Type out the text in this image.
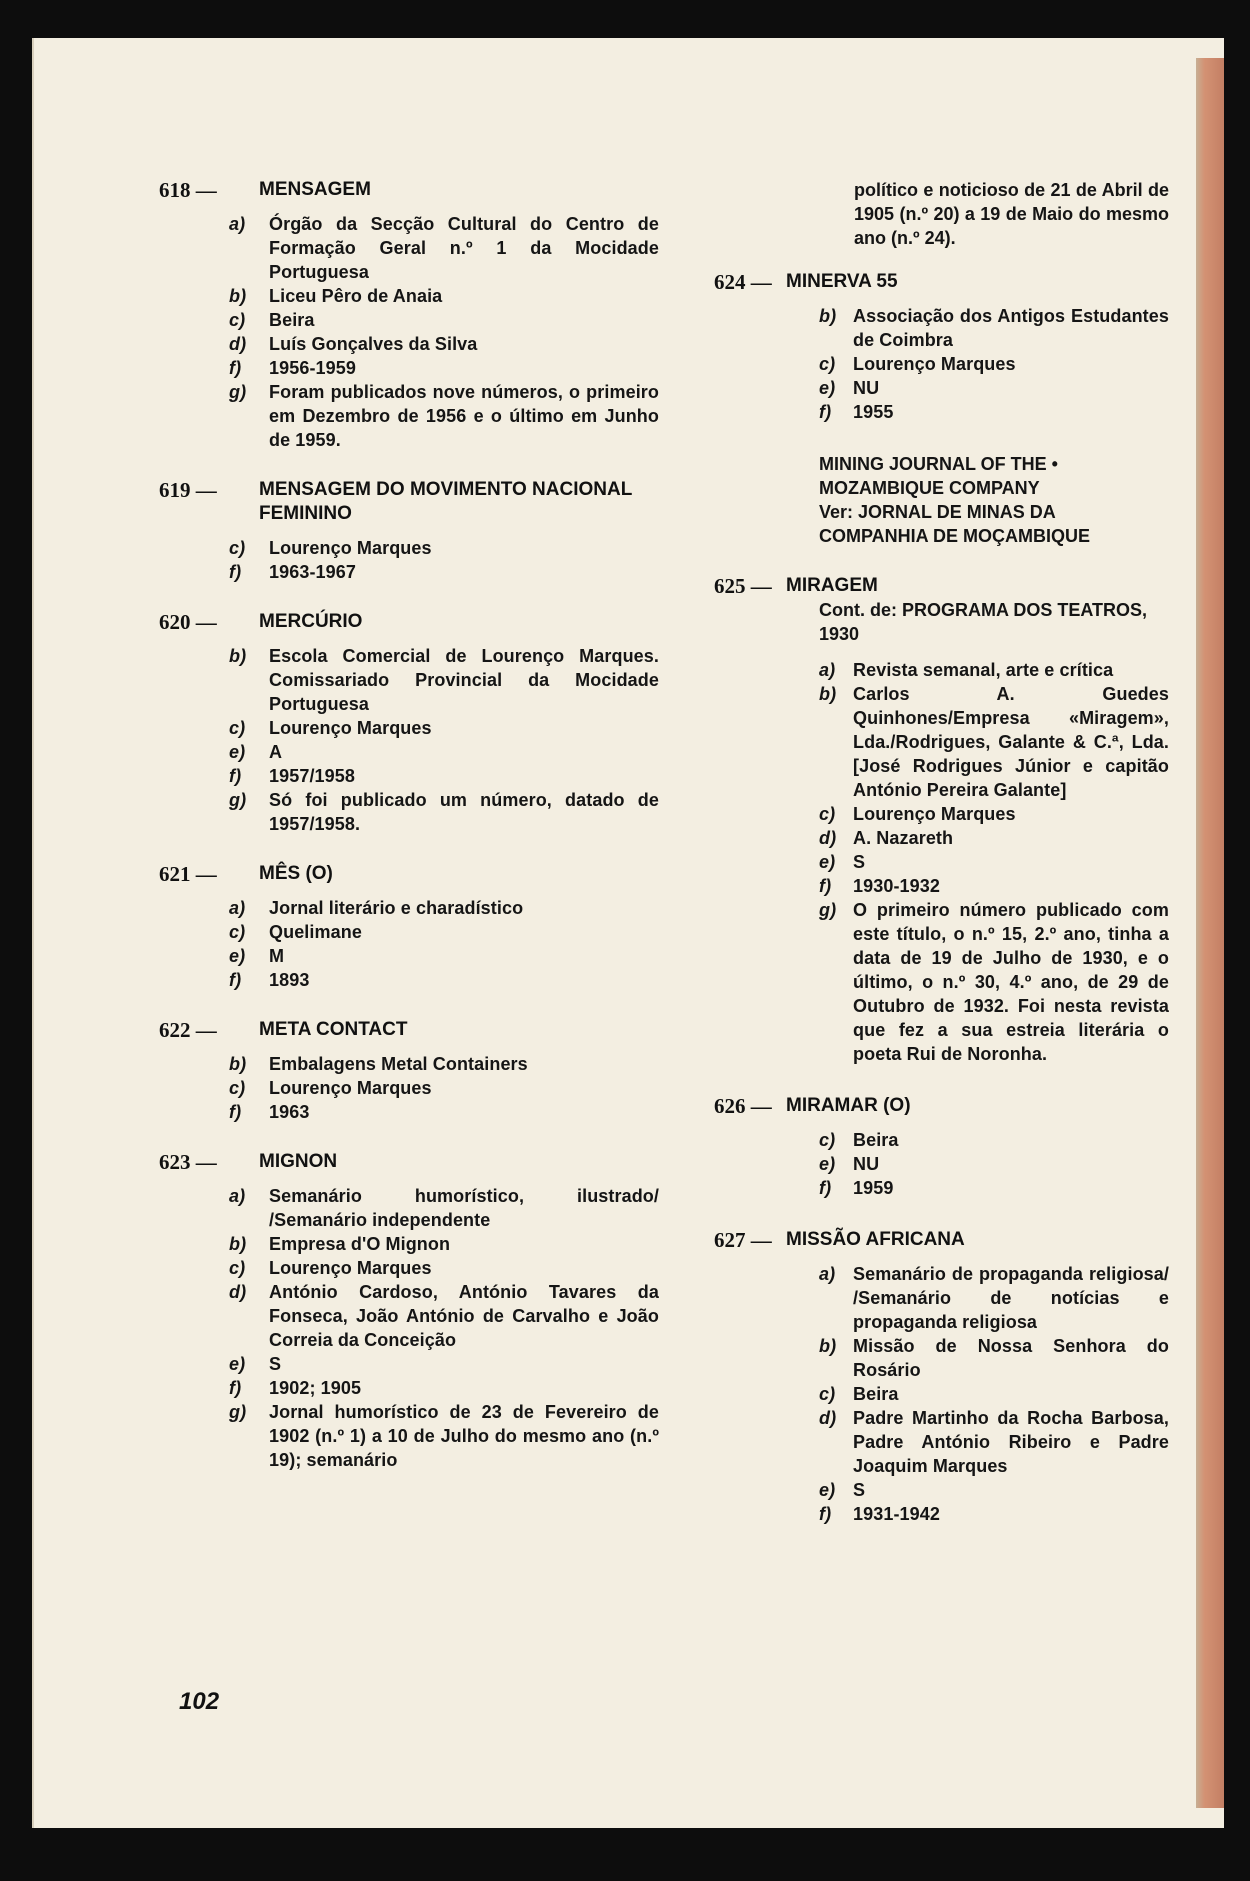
618 —	MENSAGEM
a)	Órgão da Secção Cultural do Centro de Formação Geral n.º 1 da Mocidade Portuguesa
b)	Liceu Pêro de Anaia
c)	Beira
d)	Luís Gonçalves da Silva
f)	1956-1959
g)	Foram publicados nove números, o primeiro em Dezembro de 1956 e o último em Junho de 1959.
619 —	MENSAGEM DO MOVIMENTO NACIONAL FEMININO
c)	Lourenço Marques
f)	1963-1967
620 —	MERCÚRIO
b)	Escola Comercial de Lourenço Marques. Comissariado Provincial da Mocidade Portuguesa
c)	Lourenço Marques
e)	A
f)	1957/1958
g)	Só foi publicado um número, datado de 1957/1958.
621 —	MÊS (O)
a)	Jornal literário e charadístico
c)	Quelimane
e)	M
f)	1893
622 —	META CONTACT
b)	Embalagens Metal Containers
c)	Lourenço Marques
f)	1963
623 —	MIGNON
a)	Semanário humorístico, ilustrado/ /Semanário independente
b)	Empresa d'O Mignon
c)	Lourenço Marques
d)	António Cardoso, António Tavares da Fonseca, João António de Carvalho e João Correia da Conceição
e)	S
f)	1902; 1905
g)	Jornal humorístico de 23 de Fevereiro de 1902 (n.º 1) a 10 de Julho do mesmo ano (n.º 19); semanário
político e noticioso de 21 de Abril de 1905 (n.º 20) a 19 de Maio do mesmo ano (n.º 24).
624 — MINERVA 55
b) Associação dos Antigos Estudantes de Coimbra
c) Lourenço Marques
e) NU
f)	1955
MINING JOURNAL OF THE • MOZAMBIQUE COMPANY
Ver: JORNAL DE MINAS DA COMPANHIA DE MOÇAMBIQUE
625 — MIRAGEM
Cont. de: PROGRAMA DOS TEATROS, 1930
a) Revista semanal, arte e crítica
b) Carlos A. Guedes Quinhones/Empresa «Miragem», Lda./Rodrigues, Galante & C.ª, Lda. [José Rodrigues Júnior e capitão António Pereira Galante]
c) Lourenço Marques
d) A. Nazareth
e) S
f)	1930-1932
g) O primeiro número publicado com este título, o n.º 15, 2.º ano, tinha a data de 19 de Julho de 1930, e o último, o n.º 30, 4.º ano, de 29 de Outubro de 1932. Foi nesta revista que fez a sua estreia literária o poeta Rui de Noronha.
626 — MIRAMAR (O)
c) Beira
e) NU
f)	1959
627 — MISSÃO AFRICANA
a) Semanário de propaganda religiosa/ /Semanário de notícias e propaganda religiosa
b) Missão de Nossa Senhora do Rosário
c) Beira
d) Padre Martinho da Rocha Barbosa, Padre António Ribeiro e Padre Joaquim Marques
e) S
f)	1931-1942
102
